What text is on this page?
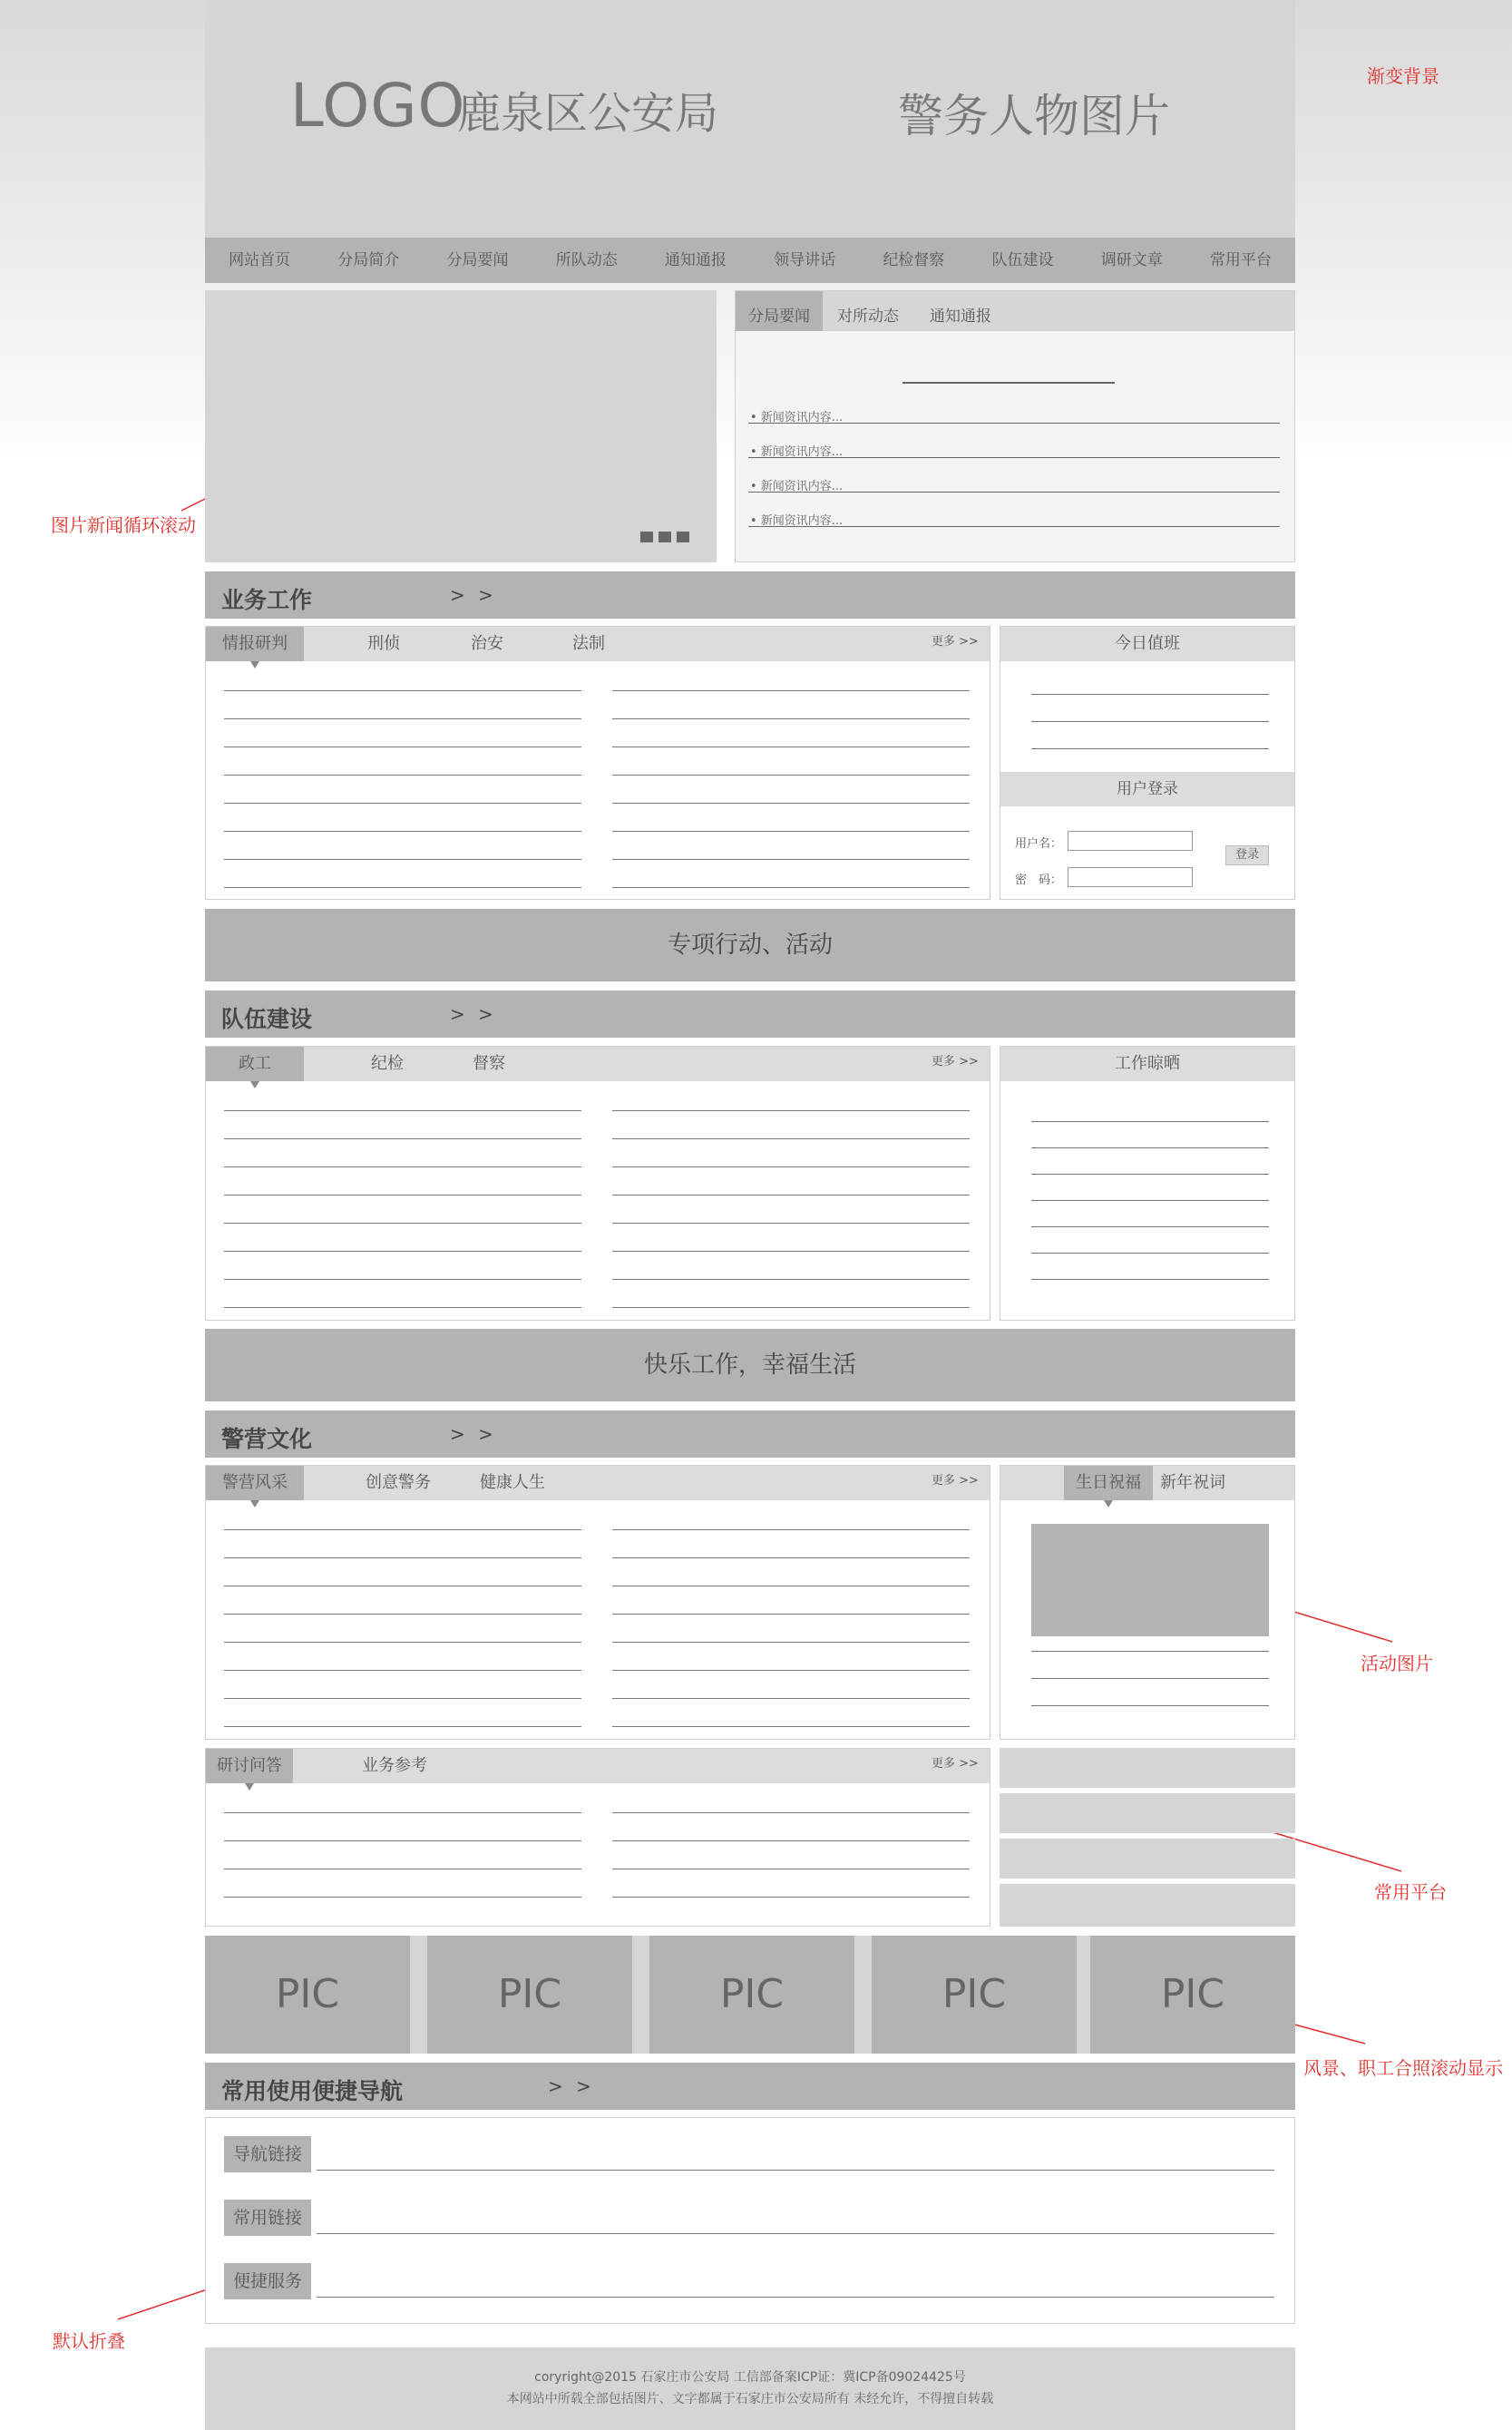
渐变背景
图片新闻循环滚动
活动图片
常用平台
风景、职工合照滚动显示
默认折叠
LOGO
鹿泉区公安局	警务人物图片
网站首页	分局简介	分局要闻	所队动态	通知通报	领导讲话	纪检督察	队伍建设	调研文章	常用平台
分局要闻	对所动态 通知通报
• 新闻资讯内容...
• 新闻资讯内容...
• 新闻资讯内容...
• 新闻资讯内容...
业务工作	> >
情报研判	刑侦	治安	法制	更多 >>	今日值班
用户登录
用户名：
密　码：
登录
专项行动、活动
队伍建设	> >
政工	纪检	督察	更多 >>	工作晾晒
快乐工作，幸福生活
警营文化	> >
警营风采	创意警务	健康人生	更多 >>	生日祝福	新年祝词
研讨问答	业务参考	更多 >>
PIC	PIC	PIC	PIC	PIC
常用使用便捷导航	> >
导航链接
常用链接
便捷服务
coryright@2015 石家庄市公安局 工信部备案ICP证：冀ICP备09024425号
本网站中所载全部包括图片、文字都属于石家庄市公安局所有 未经允许，不得擅自转载
